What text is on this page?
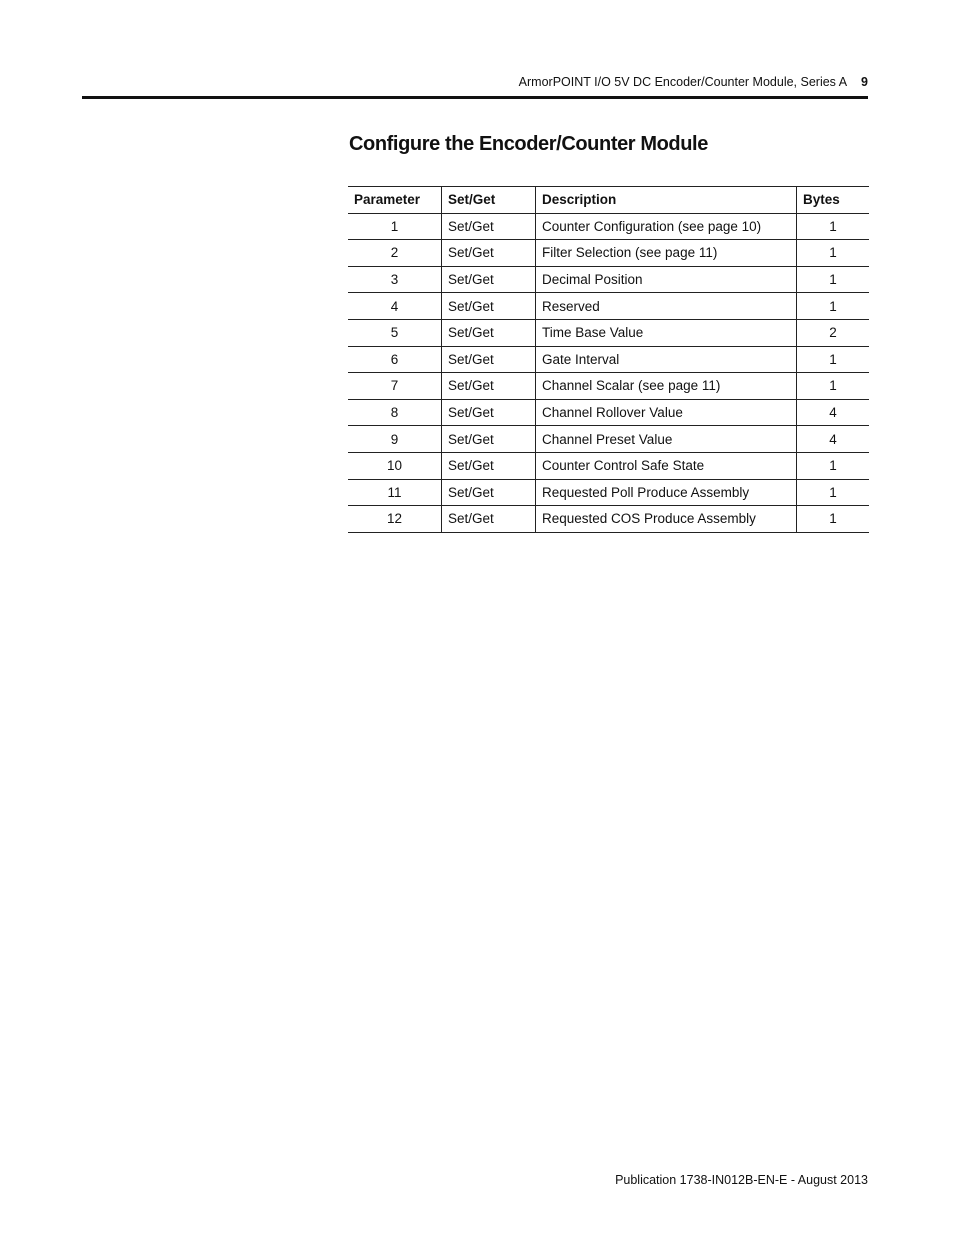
ArmorPOINT I/O 5V DC Encoder/Counter Module, Series A 9
Configure the Encoder/Counter Module
Parameter	Set/Get	Description	Bytes
1	Set/Get	Counter Configuration (see page 10)	1
2	Set/Get	Filter Selection (see page 11)	1
3	Set/Get	Decimal Position	1
4	Set/Get	Reserved	1
5	Set/Get	Time Base Value	2
6	Set/Get	Gate Interval	1
7	Set/Get	Channel Scalar (see page 11)	1
8	Set/Get	Channel Rollover Value	4
9	Set/Get	Channel Preset Value	4
10	Set/Get	Counter Control Safe State	1
11	Set/Get	Requested Poll Produce Assembly	1
12	Set/Get	Requested COS Produce Assembly	1
Publication 1738-IN012B-EN-E - August 2013
